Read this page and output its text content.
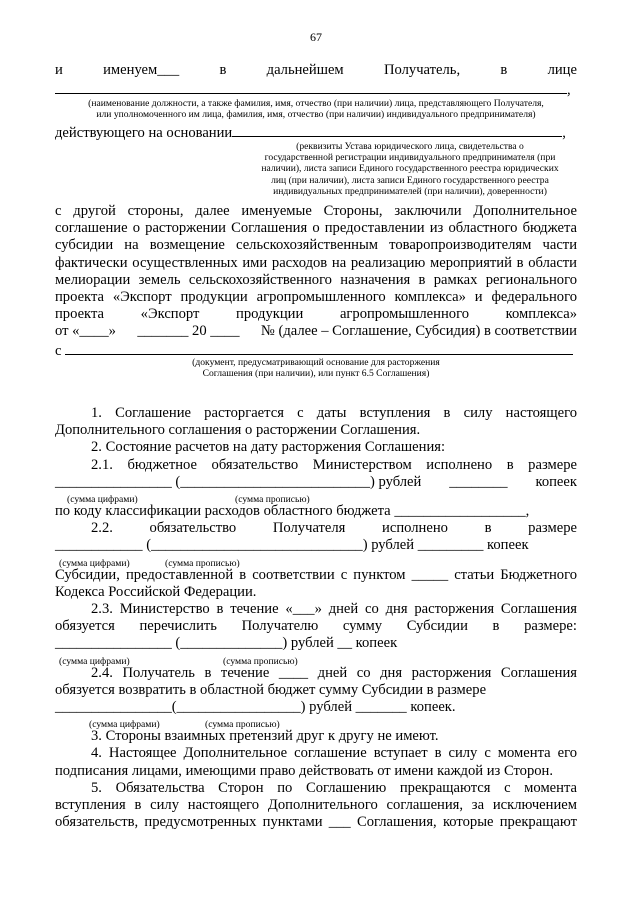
67
и	именуем___	в	дальнейшем	Получатель,	в	лице
,
(наименование должности, а также фамилия, имя, отчество (при наличии) лица, представляющего Получателя,
или уполномоченного им лица, фамилия, имя, отчество (при наличии) индивидуального предпринимателя)
действующего на основании	,
(реквизиты Устава юридического лица, свидетельства о
государственной регистрации индивидуального предпринимателя (при
наличии), листа записи Единого государственного реестра юридических
лиц (при наличии), листа записи Единого государственного реестра
индивидуальных предпринимателей (при наличии), доверенности)
с другой стороны, далее именуемые Стороны, заключили Дополнительное
соглашение о расторжении Соглашения о предоставлении из областного бюджета
субсидии на возмещение сельскохозяйственным товаропроизводителям части
фактически осуществленных ими расходов на реализацию мероприятий в области
мелиорации земель сельскохозяйственного назначения в рамках регионального
проекта «Экспорт продукции агропромышленного комплекса» и федерального
проекта	«Экспорт	продукции	агропромышленного	комплекса»
от «____» _______ 20 ____ № (далее – Соглашение, Субсидия) в соответствии
с
(документ, предусматривающий основание для расторжения
Соглашения (при наличии), или пункт 6.5 Соглашения)
1. Соглашение расторгается с даты вступления в силу настоящего
Дополнительного соглашения о расторжении Соглашения.
2. Состояние расчетов на дату расторжения Соглашения:
2.1. бюджетное обязательство Министерством исполнено в размере
________________ (__________________________) рублей ________ копеек
(сумма цифрами)	(сумма прописью)
по коду классификации расходов областного бюджета __________________,
2.2.	обязательство	Получателя	исполнено	в	размере
____________ (_____________________________) рублей _________ копеек
(сумма цифрами)	(сумма прописью)
Субсидии, предоставленной в соответствии с пунктом _____ статьи Бюджетного
Кодекса Российской Федерации.
2.3. Министерство в течение «___» дней со дня расторжения Соглашения
обязуется перечислить Получателю сумму Субсидии в размере:
________________ (______________) рублей __ копеек
(сумма цифрами)	(сумма прописью)
2.4. Получатель в течение ____ дней со дня расторжения Соглашения
обязуется возвратить в областной бюджет сумму Субсидии в размере
________________(_________________) рублей _______ копеек.
(сумма цифрами)	(сумма прописью)
3. Стороны взаимных претензий друг к другу не имеют.
4. Настоящее Дополнительное соглашение вступает в силу с момента его
подписания лицами, имеющими право действовать от имени каждой из Сторон.
5. Обязательства Сторон по Соглашению прекращаются с момента
вступления в силу настоящего Дополнительного соглашения, за исключением
обязательств, предусмотренных пунктами ___ Соглашения, которые прекращают
